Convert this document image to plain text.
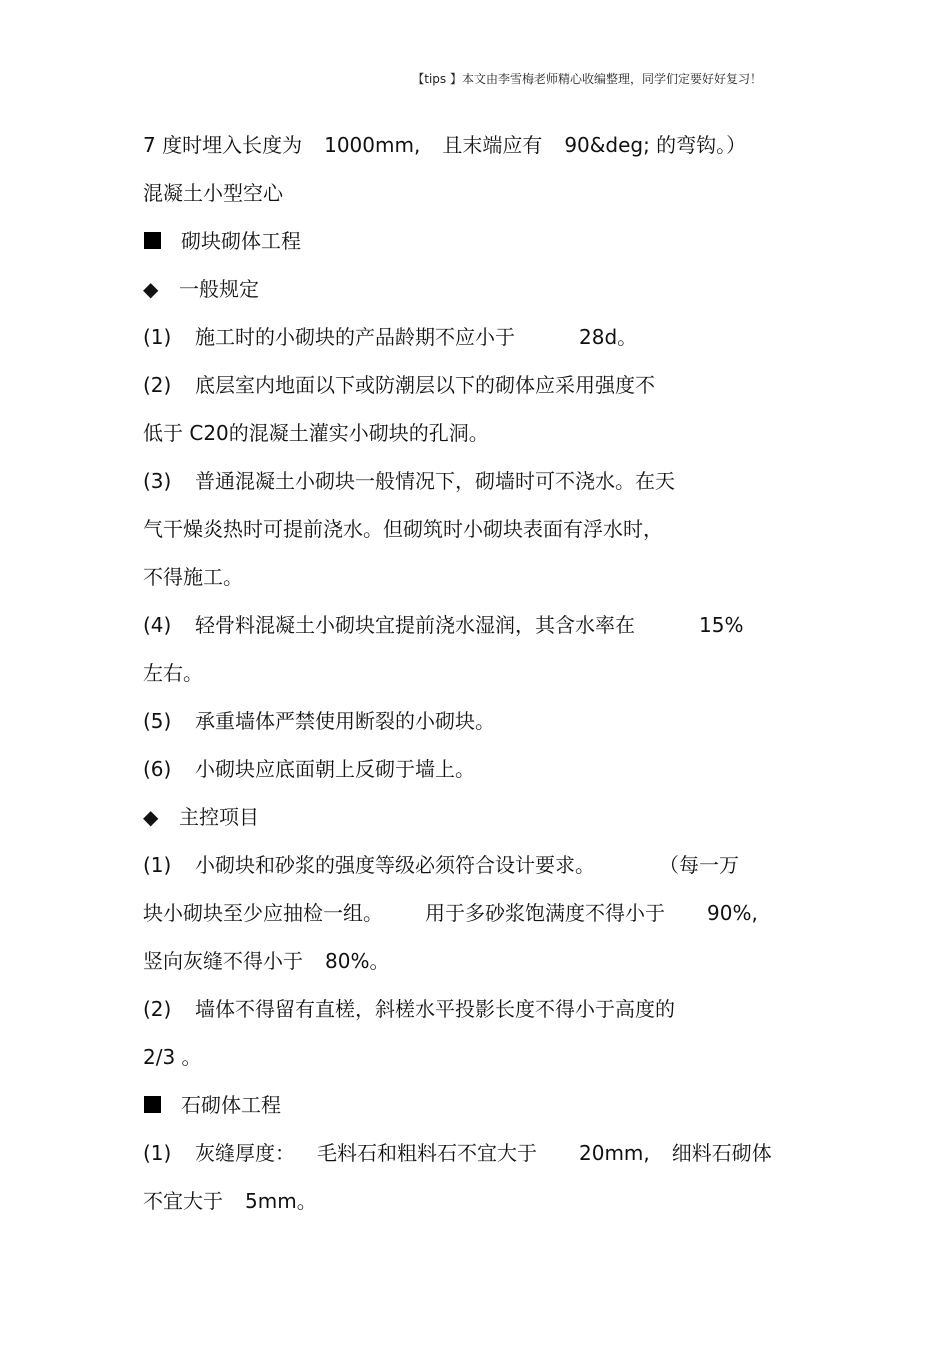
【tips 】本文由李雪梅老师精心收编整理，同学们定要好好复习！
7 度时埋入长度为 1000mm, 且末端应有 90&deg; 的弯钩。）
混凝土小型空心
砌块砌体工程
◆ 一般规定
(1) 施工时的小砌块的产品龄期不应小于	28d。
(2) 底层室内地面以下或防潮层以下的砌体应采用强度不
低于 C20的混凝土灌实小砌块的孔洞。
(3) 普通混凝土小砌块一般情况下，砌墙时可不浇水。在天
气干燥炎热时可提前浇水。但砌筑时小砌块表面有浮水时，
不得施工。
(4) 轻骨料混凝土小砌块宜提前浇水湿润，其含水率在	15%
左右。
(5) 承重墙体严禁使用断裂的小砌块。
(6) 小砌块应底面朝上反砌于墙上。
◆ 主控项目
(1) 小砌块和砂浆的强度等级必须符合设计要求。	（每一万
块小砌块至少应抽检一组。 用于多砂浆饱满度不得小于 90%,
竖向灰缝不得小于 80%。
(2) 墙体不得留有直槎，斜槎水平投影长度不得小于高度的
2/3 。
石砌体工程
(1) 灰缝厚度： 毛料石和粗料石不宜大于 20mm, 细料石砌体
不宜大于 5mm。
